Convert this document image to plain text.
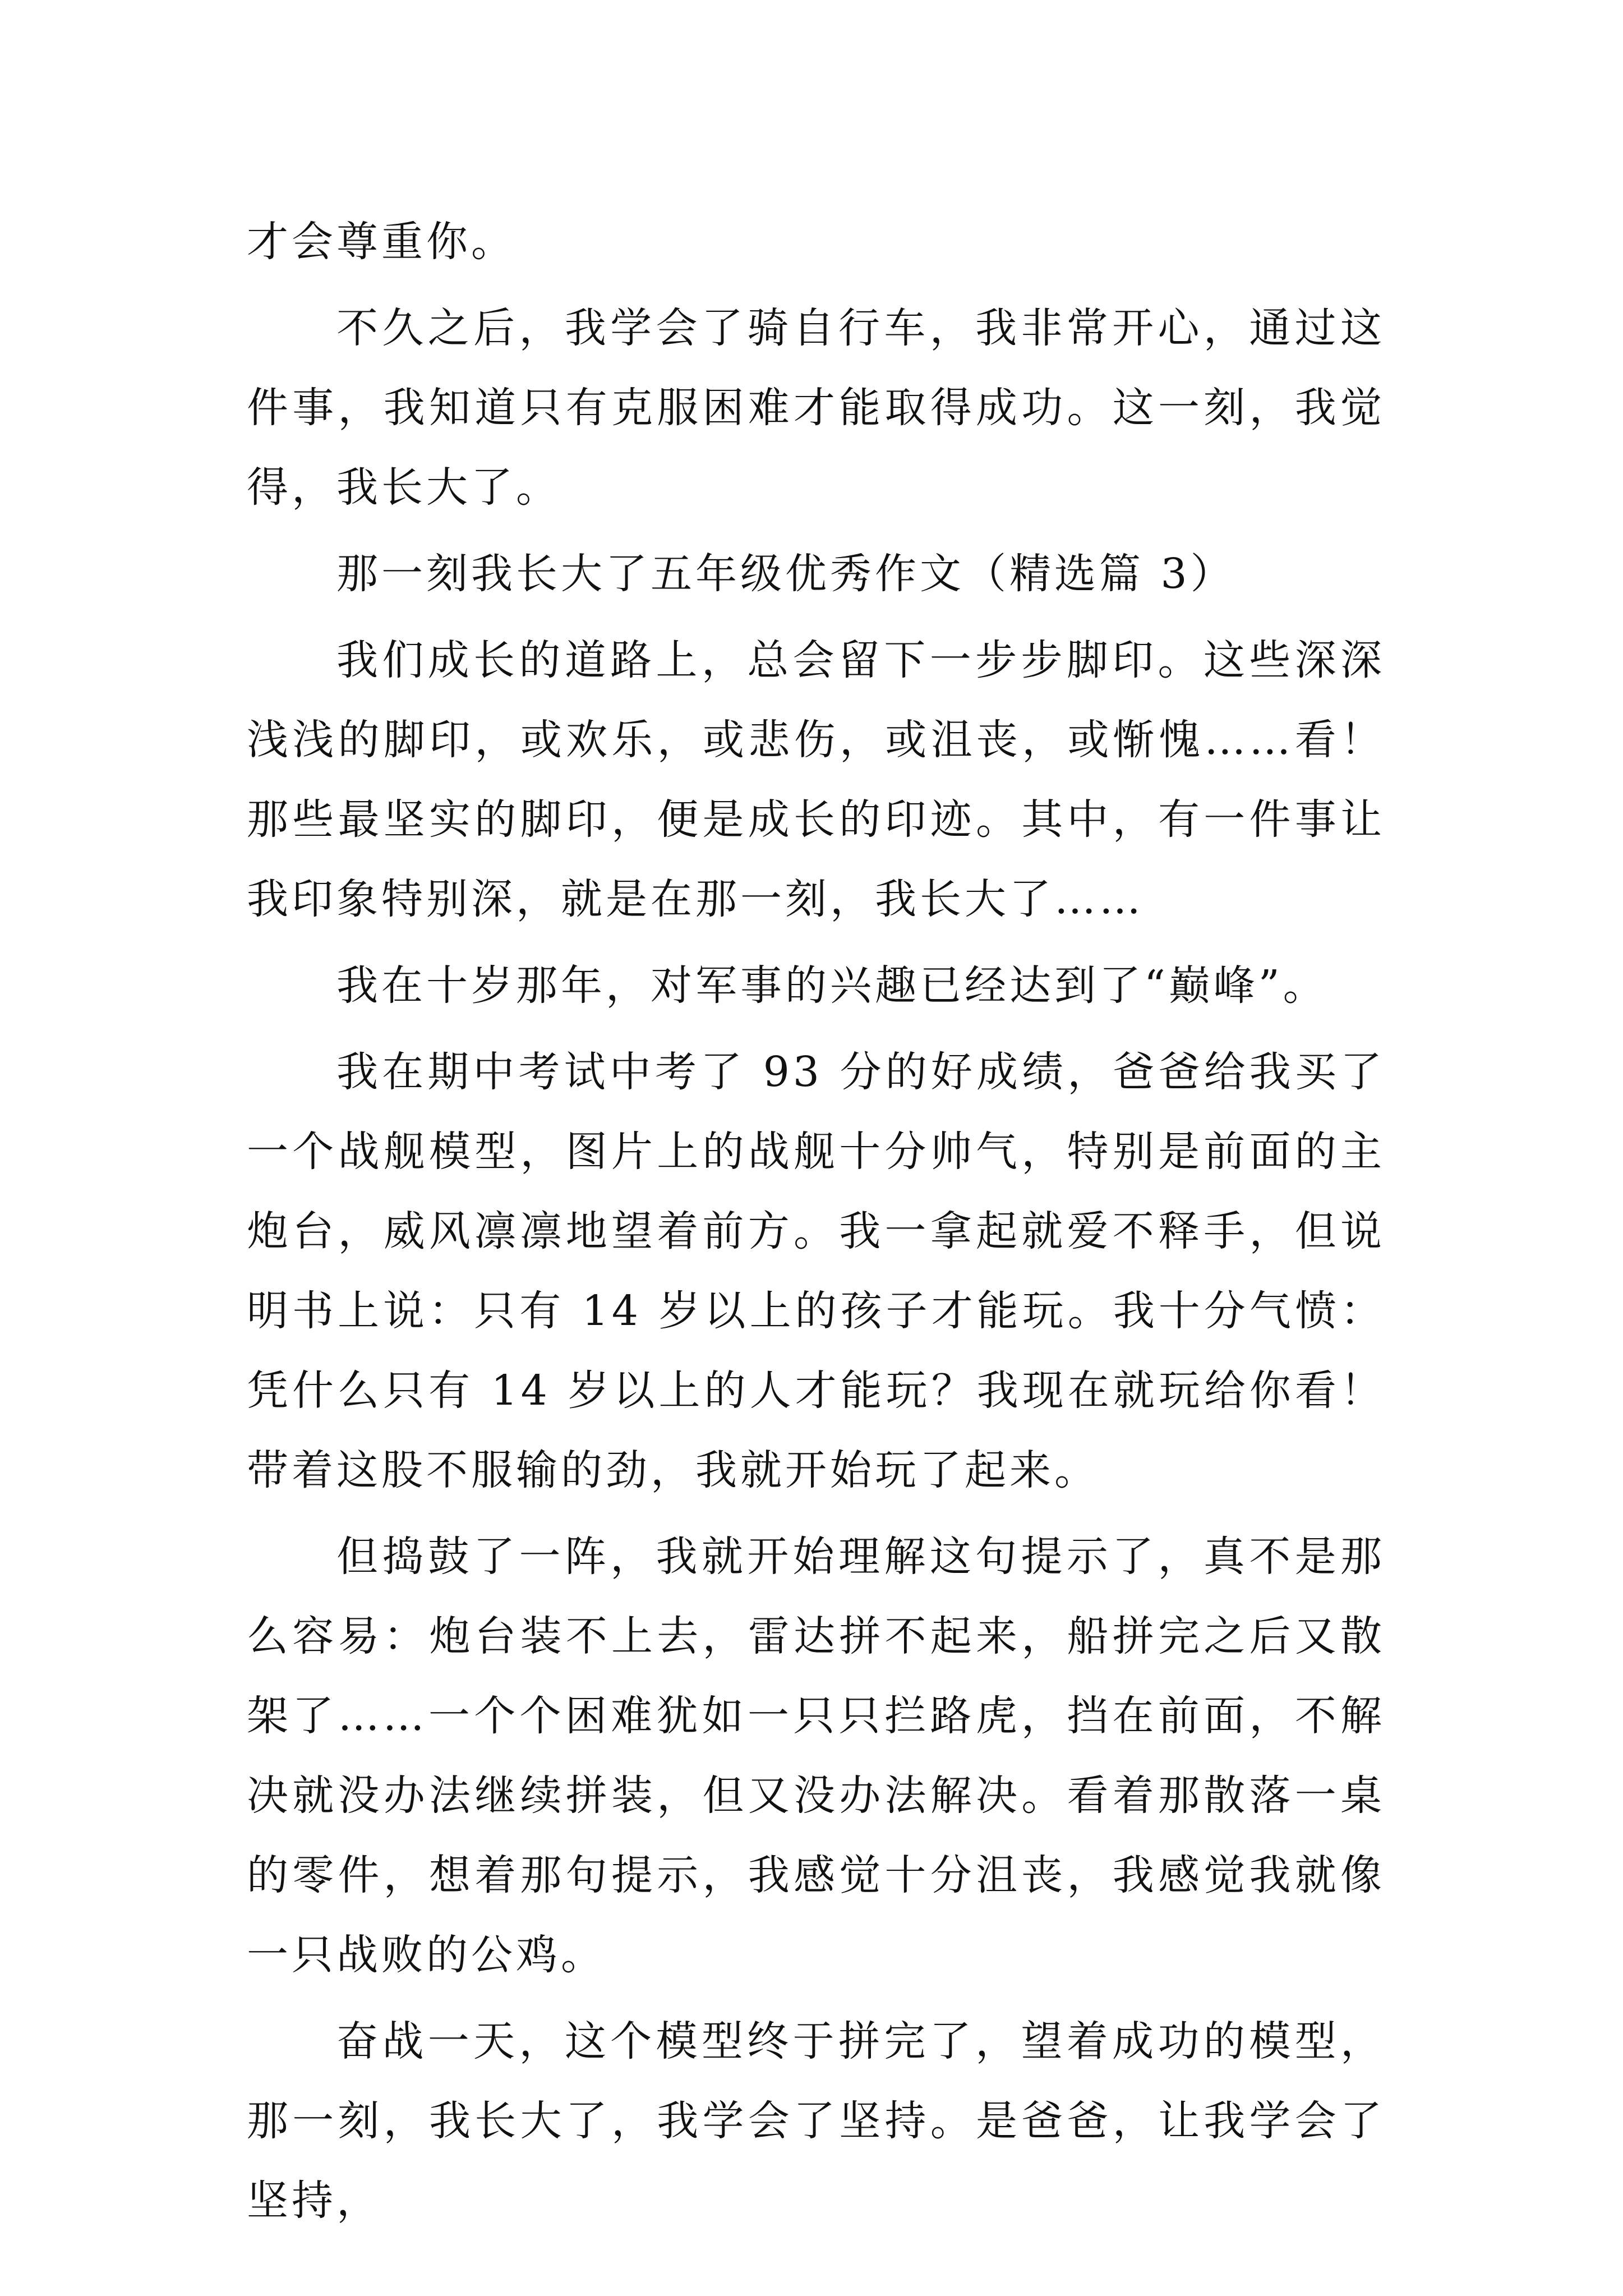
才会尊重你。

不久之后，我学会了骑自行车，我非常开心，通过这件事，我知道只有克服困难才能取得成功。这一刻，我觉得，我长大了。

那一刻我长大了五年级优秀作文（精选篇 3）

我们成长的道路上，总会留下一步步脚印。这些深深浅浅的脚印，或欢乐，或悲伤，或沮丧，或惭愧……看！那些最坚实的脚印，便是成长的印迹。其中，有一件事让我印象特别深，就是在那一刻，我长大了……

我在十岁那年，对军事的兴趣已经达到了“巅峰”。

我在期中考试中考了 93 分的好成绩，爸爸给我买了一个战舰模型，图片上的战舰十分帅气，特别是前面的主炮台，威风凛凛地望着前方。我一拿起就爱不释手，但说明书上说：只有 14 岁以上的孩子才能玩。我十分气愤：凭什么只有 14 岁以上的人才能玩？我现在就玩给你看！带着这股不服输的劲，我就开始玩了起来。

但捣鼓了一阵，我就开始理解这句提示了，真不是那么容易：炮台装不上去，雷达拼不起来，船拼完之后又散架了……一个个困难犹如一只只拦路虎，挡在前面，不解决就没办法继续拼装，但又没办法解决。看着那散落一桌的零件，想着那句提示，我感觉十分沮丧，我感觉我就像一只战败的公鸡。

奋战一天，这个模型终于拼完了，望着成功的模型，那一刻，我长大了，我学会了坚持。是爸爸，让我学会了坚持，
